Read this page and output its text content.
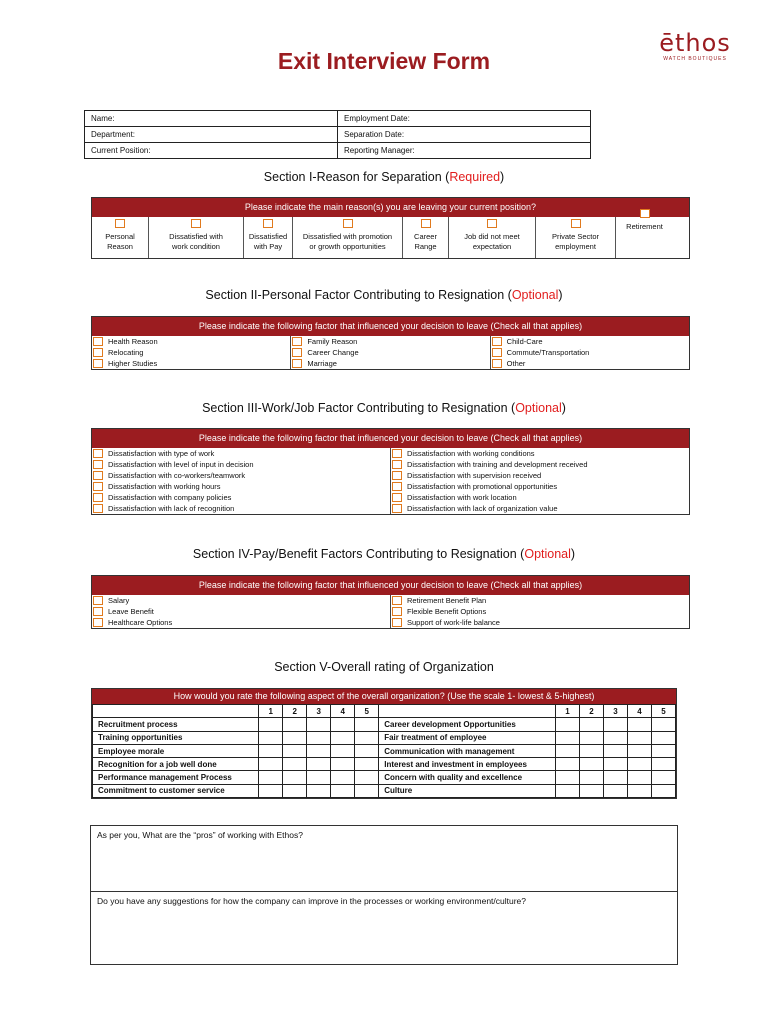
ēthos
WATCH BOUTIQUES
Exit Interview Form
Name:	Employment Date:
Department:	Separation Date:
Current Position:	Reporting Manager:
Section I-Reason for Separation (Required)
Please indicate the main reason(s) you are leaving your current position?
Personal
Reason
Dissatisfied with
work condition
Dissatisfied
with Pay
Dissatisfied with promotion
or growth opportunities
Career
Range
Job did not meet
expectation
Private Sector
employment
Retirement
Section II-Personal Factor Contributing to Resignation (Optional)
Please indicate the following factor that influenced your decision to leave (Check all that applies)
Health Reason
Relocating
Higher Studies
Family Reason
Career Change
Marriage
Child-Care
Commute/Transportation
Other
Section III-Work/Job Factor Contributing to Resignation (Optional)
Please indicate the following factor that influenced your decision to leave (Check all that applies)
Dissatisfaction with type of work
Dissatisfaction with level of input in decision
Dissatisfaction with co-workers/teamwork
Dissatisfaction with working hours
Dissatisfaction with company policies
Dissatisfaction with lack of recognition
Dissatisfaction with working conditions
Dissatisfaction with training and development received
Dissatisfaction with supervision received
Dissatisfaction with promotional opportunities
Dissatisfaction with work location
Dissatisfaction with lack of organization value
Section IV-Pay/Benefit Factors Contributing to Resignation (Optional)
Please indicate the following factor that influenced your decision to leave (Check all that applies)
Salary
Leave Benefit
Healthcare Options
Retirement Benefit Plan
Flexible Benefit Options
Support of work-life balance
Section V-Overall rating of Organization
How would you rate the following aspect of the overall organization? (Use the scale 1- lowest & 5-highest)
	1	2	3	4	5		1	2	3	4	5
Recruitment process						Career development Opportunities					
Training opportunities						Fair treatment of employee					
Employee morale						Communication with management					
Recognition for a job well done						Interest and investment in employees					
Performance management Process						Concern with quality and excellence					
Commitment to customer service						Culture					
As per you, What are the “pros” of working with Ethos?
Do you have any suggestions for how the company can improve in the processes or working environment/culture?
